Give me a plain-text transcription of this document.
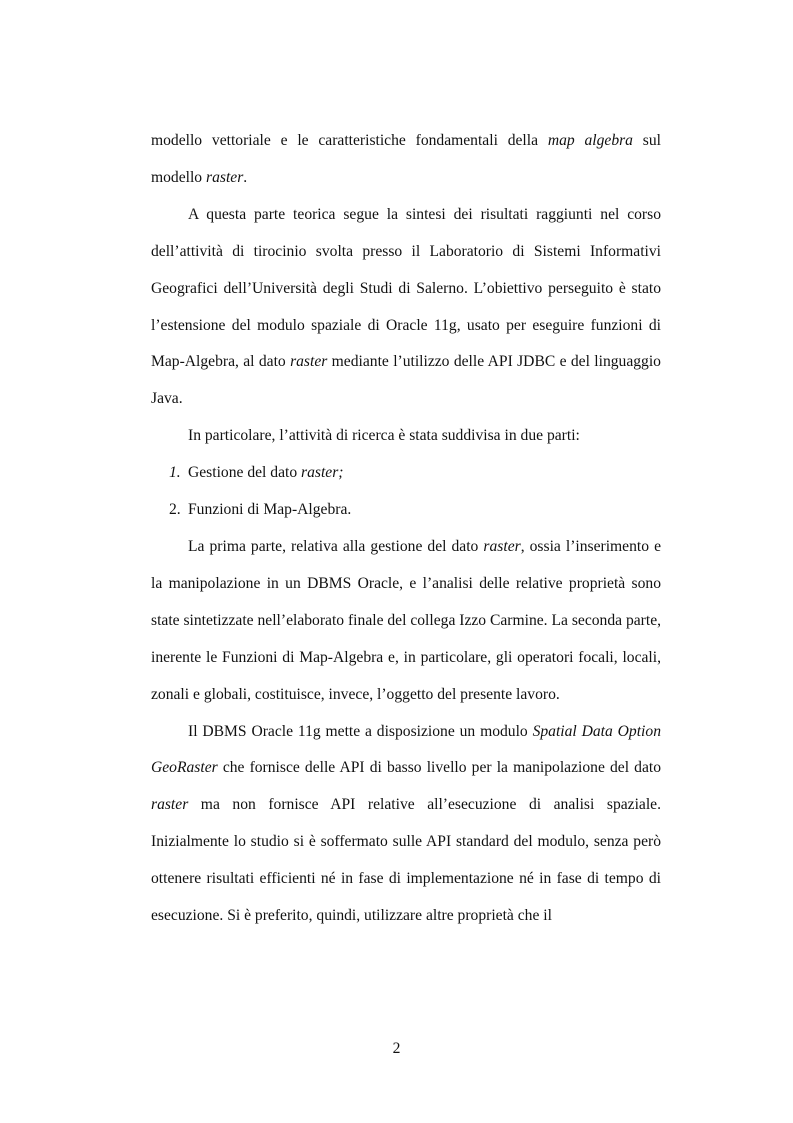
modello vettoriale e le caratteristiche fondamentali della map algebra sul modello raster.

A questa parte teorica segue la sintesi dei risultati raggiunti nel corso dell’attività di tirocinio svolta presso il Laboratorio di Sistemi Informativi Geografici dell’Università degli Studi di Salerno. L’obiettivo perseguito è stato l’estensione del modulo spaziale di Oracle 11g, usato per eseguire funzioni di Map-Algebra, al dato raster mediante l’utilizzo delle API JDBC e del linguaggio Java.

In particolare, l’attività di ricerca è stata suddivisa in due parti:

1. Gestione del dato raster;
2. Funzioni di Map-Algebra.

La prima parte, relativa alla gestione del dato raster, ossia l’inserimento e la manipolazione in un DBMS Oracle, e l’analisi delle relative proprietà sono state sintetizzate nell’elaborato finale del collega Izzo Carmine. La seconda parte, inerente le Funzioni di Map-Algebra e, in particolare, gli operatori focali, locali, zonali e globali, costituisce, invece, l’oggetto del presente lavoro.

Il DBMS Oracle 11g mette a disposizione un modulo Spatial Data Option GeoRaster che fornisce delle API di basso livello per la manipolazione del dato raster ma non fornisce API relative all’esecuzione di analisi spaziale. Inizialmente lo studio si è soffermato sulle API standard del modulo, senza però ottenere risultati efficienti né in fase di implementazione né in fase di tempo di esecuzione. Si è preferito, quindi, utilizzare altre proprietà che il

2
